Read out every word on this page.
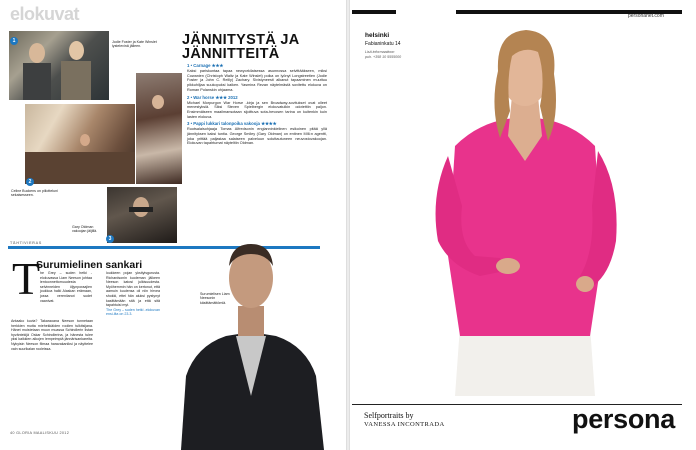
elokuvat
1	Jodie Foster ja Kate Winslet lystelevinä jälleen.
2
Celine Buckens on piilotteluni sekaisesseen.
3
Gary Oldman vakoojan jäljillä.
JÄNNITYSTÄ JA JÄNNITTEITÄ
1 • Carnage ★★★
Kaksi pariskuntaa tapaa newyorkilaisessa asunnossa selvittääkseen, miksi Cowanien (Christoph Waltz ja Kate Winslet) poika on lyönyt Longstreetien (Jodie Foster ja John C. Reilly) Zachary. Sivistyneesti alkanut tapaaminen muuttuu pikkuhiljaa suukopuksi kaiken. Yasmina Rezan näytelmästä sovitettu elokuva on Roman Polanskin ohjaama.
2 • War horse ★★★ 2012
Michael Morpurgon War Horse -kirja ja sen Broadway-sovitukset ovat olleet menestyksiä. Siksi Steven Spielbergin elokuvatulkin odotettiin paljon. Ensimmäiseen maailmansotaan sijoittuva sota-hevosen tarina on kuitenkin kuin lasten elokuva.
3 • Pappi lukkari talonpoika vakooja ★★★★
Ruotsalaisohjaaja Tomas Alfredsonin englanninkielinen esikoinen pitää yllä jännityksen kaksi tuntia. George Smiley (Gary Oldman) on entinen MI6:n agentti, joka yrittää paljastaa salaiseen palveluun soluttautuneen neuvostovakoojan. Elokuvan tapahtumat näyteltiin Oldman.
TÄHTIVIERAS
T
Surumielinen sankari
he Grey – suden hetki -elokuvassa Liam Neeson johtaa lentoonnettomuudesta selvinneiden öljynporaajien joukkoa halki Alaskan erämaan, jossa vereniianot sudet vaanivat.
Antaako kuvia? Takaraoana Neeson tunnetaan herkkien mutta miehekkäiden roolien tulkitsijana. Hänet muistetaan muun muassa Schindlerin listan hyväntekijä Oskar Schindlerina, ja hänesta tulee yksi kaikkien aikojen lempeimpiä jännärisankareita. Nykyisin Neeson filmaa haravakaniksi ja näyttelee vain suurikalan rooleissa.
loukkeen pojan yksityisgurusta. Richardsonin kuoleman jälkeen Neeson katosi julkisuudesta. Myöhemmin hän on kertonut, että aamuin kuulensa oli niin hirvea shokki, ettei hän aluksi pystynyt kasittämään sitä ja että sitä tapahtuisi myt.
The Grey – suden hetki -elokuvan ensi-ilta on 23.3.
Surumielisen Liam Neesonin käsittämättömiä.
40 GLORIA MAALISKUU 2012
personanet.com
helsinki
Fabianinkatu 14
Lisä informaatioon
puh. +358 10 5555000
Selfportraits by
VANESSA INCONTRADA	persona
